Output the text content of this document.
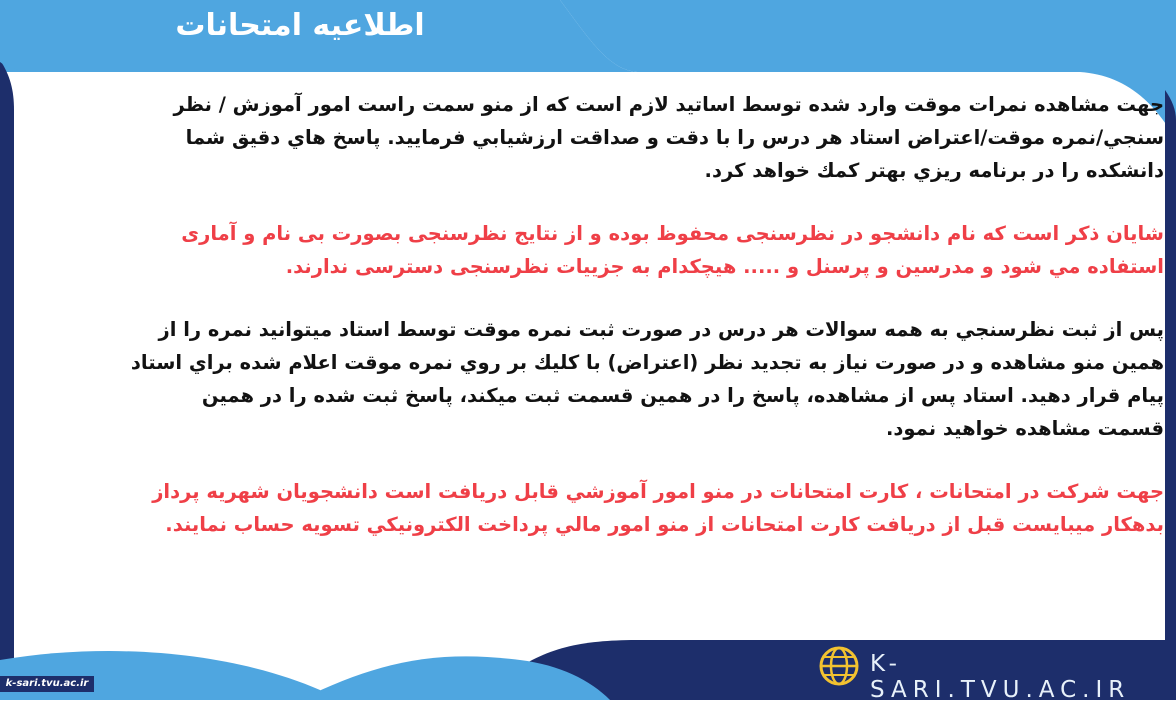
اطلاعیه امتحانات
جهت مشاهده نمرات موقت وارد شده توسط اساتید لازم است که از منو سمت راست امور آموزش / نظر
سنجي/نمره موقت/اعتراض استاد هر درس را با دقت و صداقت ارزشيابي فرماييد. پاسخ هاي دقيق شما
دانشکده را در برنامه ريزي بهتر كمك خواهد كرد.
شایان ذکر است که نام دانشجو در نظرسنجی محفوظ بوده و از نتایج نظرسنجی بصورت بی نام و آماری
استفاده مي شود و مدرسين و پرسنل و ..... هیچکدام به جزييات نظرسنجی دسترسی ندارند.
پس از ثبت نظرسنجي به همه سوالات هر درس در صورت ثبت نمره موقت توسط استاد ميتوانيد نمره را از
همين منو مشاهده و در صورت نياز به تجديد نظر (اعتراض) با كليك بر روي نمره موقت اعلام شده براي استاد
پيام قرار دهيد. استاد پس از مشاهده، پاسخ را در همين قسمت ثبت ميكند، پاسخ ثبت شده را در همين
قسمت مشاهده خواهيد نمود.
جهت شرکت در امتحانات ، کارت امتحانات در منو امور آموزشي قابل دريافت است دانشجويان شهريه پرداز
بدهكار ميبايست قبل از دريافت كارت امتحانات از منو امور مالي پرداخت الكترونيكي تسويه حساب نمايند.
K-SARI.TVU.AC.IR
k-sari.tvu.ac.ir
